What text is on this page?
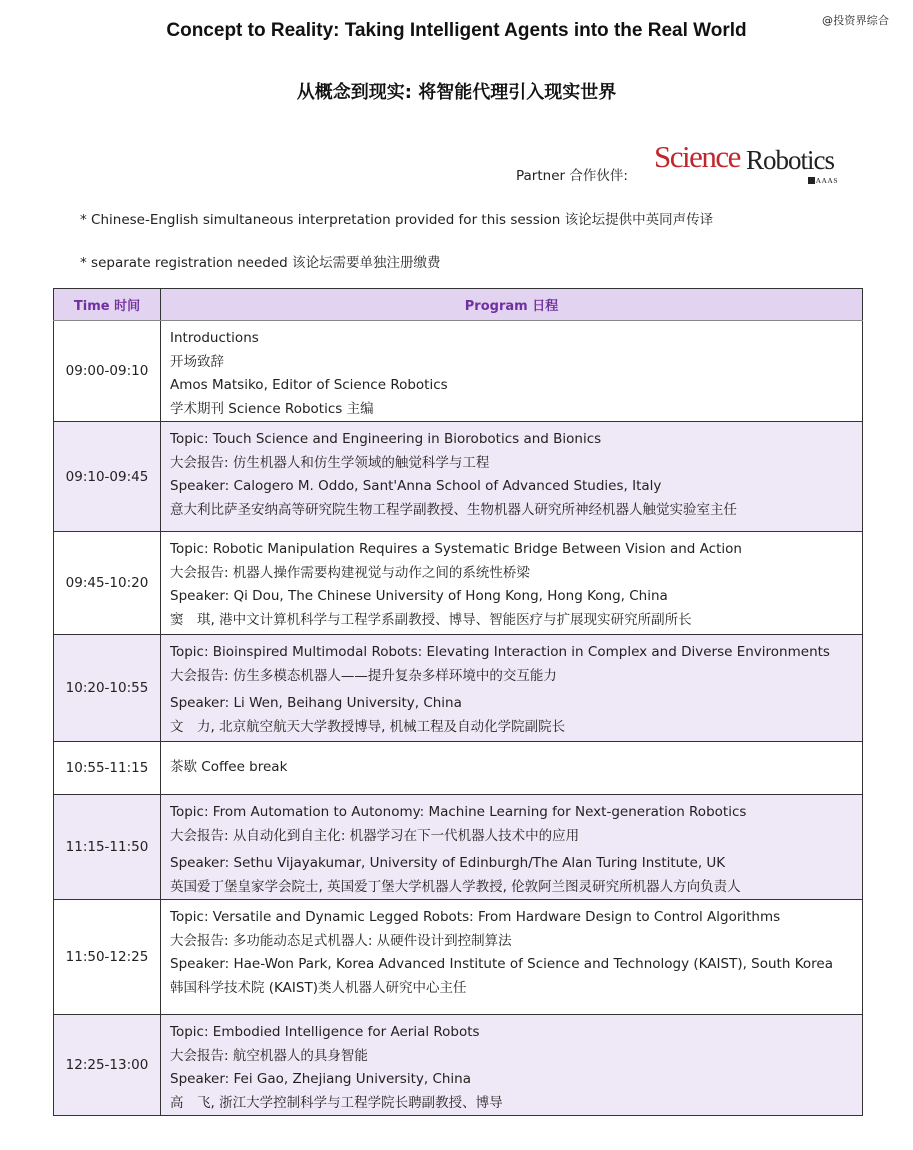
@投资界综合
Concept to Reality: Taking Intelligent Agents into the Real World
从概念到现实: 将智能代理引入现实世界
Partner 合作伙伴:
Science Robotics
AAAS
* Chinese-English simultaneous interpretation provided for this session 该论坛提供中英同声传译
* separate registration needed 该论坛需要单独注册缴费
Time 时间	Program 日程
09:00-09:10	Introductions
开场致辞
Amos Matsiko, Editor of Science Robotics
学术期刊 Science Robotics 主编

09:10-09:45	Topic: Touch Science and Engineering in Biorobotics and Bionics
大会报告: 仿生机器人和仿生学领域的触觉科学与工程
Speaker: Calogero M. Oddo, Sant'Anna School of Advanced Studies, Italy
意大利比萨圣安纳高等研究院生物工程学副教授、生物机器人研究所神经机器人触觉实验室主任

09:45-10:20	Topic: Robotic Manipulation Requires a Systematic Bridge Between Vision and Action
大会报告: 机器人操作需要构建视觉与动作之间的系统性桥梁
Speaker: Qi Dou, The Chinese University of Hong Kong, Hong Kong, China
窦　琪, 港中文计算机科学与工程学系副教授、博导、智能医疗与扩展现实研究所副所长

10:20-10:55	Topic: Bioinspired Multimodal Robots: Elevating Interaction in Complex and Diverse Environments
大会报告: 仿生多模态机器人——提升复杂多样环境中的交互能力
Speaker: Li Wen, Beihang University, China
文　力, 北京航空航天大学教授博导, 机械工程及自动化学院副院长

10:55-11:15	茶歇 Coffee break

11:15-11:50	Topic: From Automation to Autonomy: Machine Learning for Next-generation Robotics
大会报告: 从自动化到自主化: 机器学习在下一代机器人技术中的应用
Speaker: Sethu Vijayakumar, University of Edinburgh/The Alan Turing Institute, UK
英国爱丁堡皇家学会院士, 英国爱丁堡大学机器人学教授, 伦敦阿兰图灵研究所机器人方向负责人

11:50-12:25	Topic: Versatile and Dynamic Legged Robots: From Hardware Design to Control Algorithms
大会报告: 多功能动态足式机器人: 从硬件设计到控制算法
Speaker: Hae-Won Park, Korea Advanced Institute of Science and Technology (KAIST), South Korea
韩国科学技术院 (KAIST)类人机器人研究中心主任

12:25-13:00	Topic: Embodied Intelligence for Aerial Robots
大会报告: 航空机器人的具身智能
Speaker: Fei Gao, Zhejiang University, China
高　飞, 浙江大学控制科学与工程学院长聘副教授、博导
